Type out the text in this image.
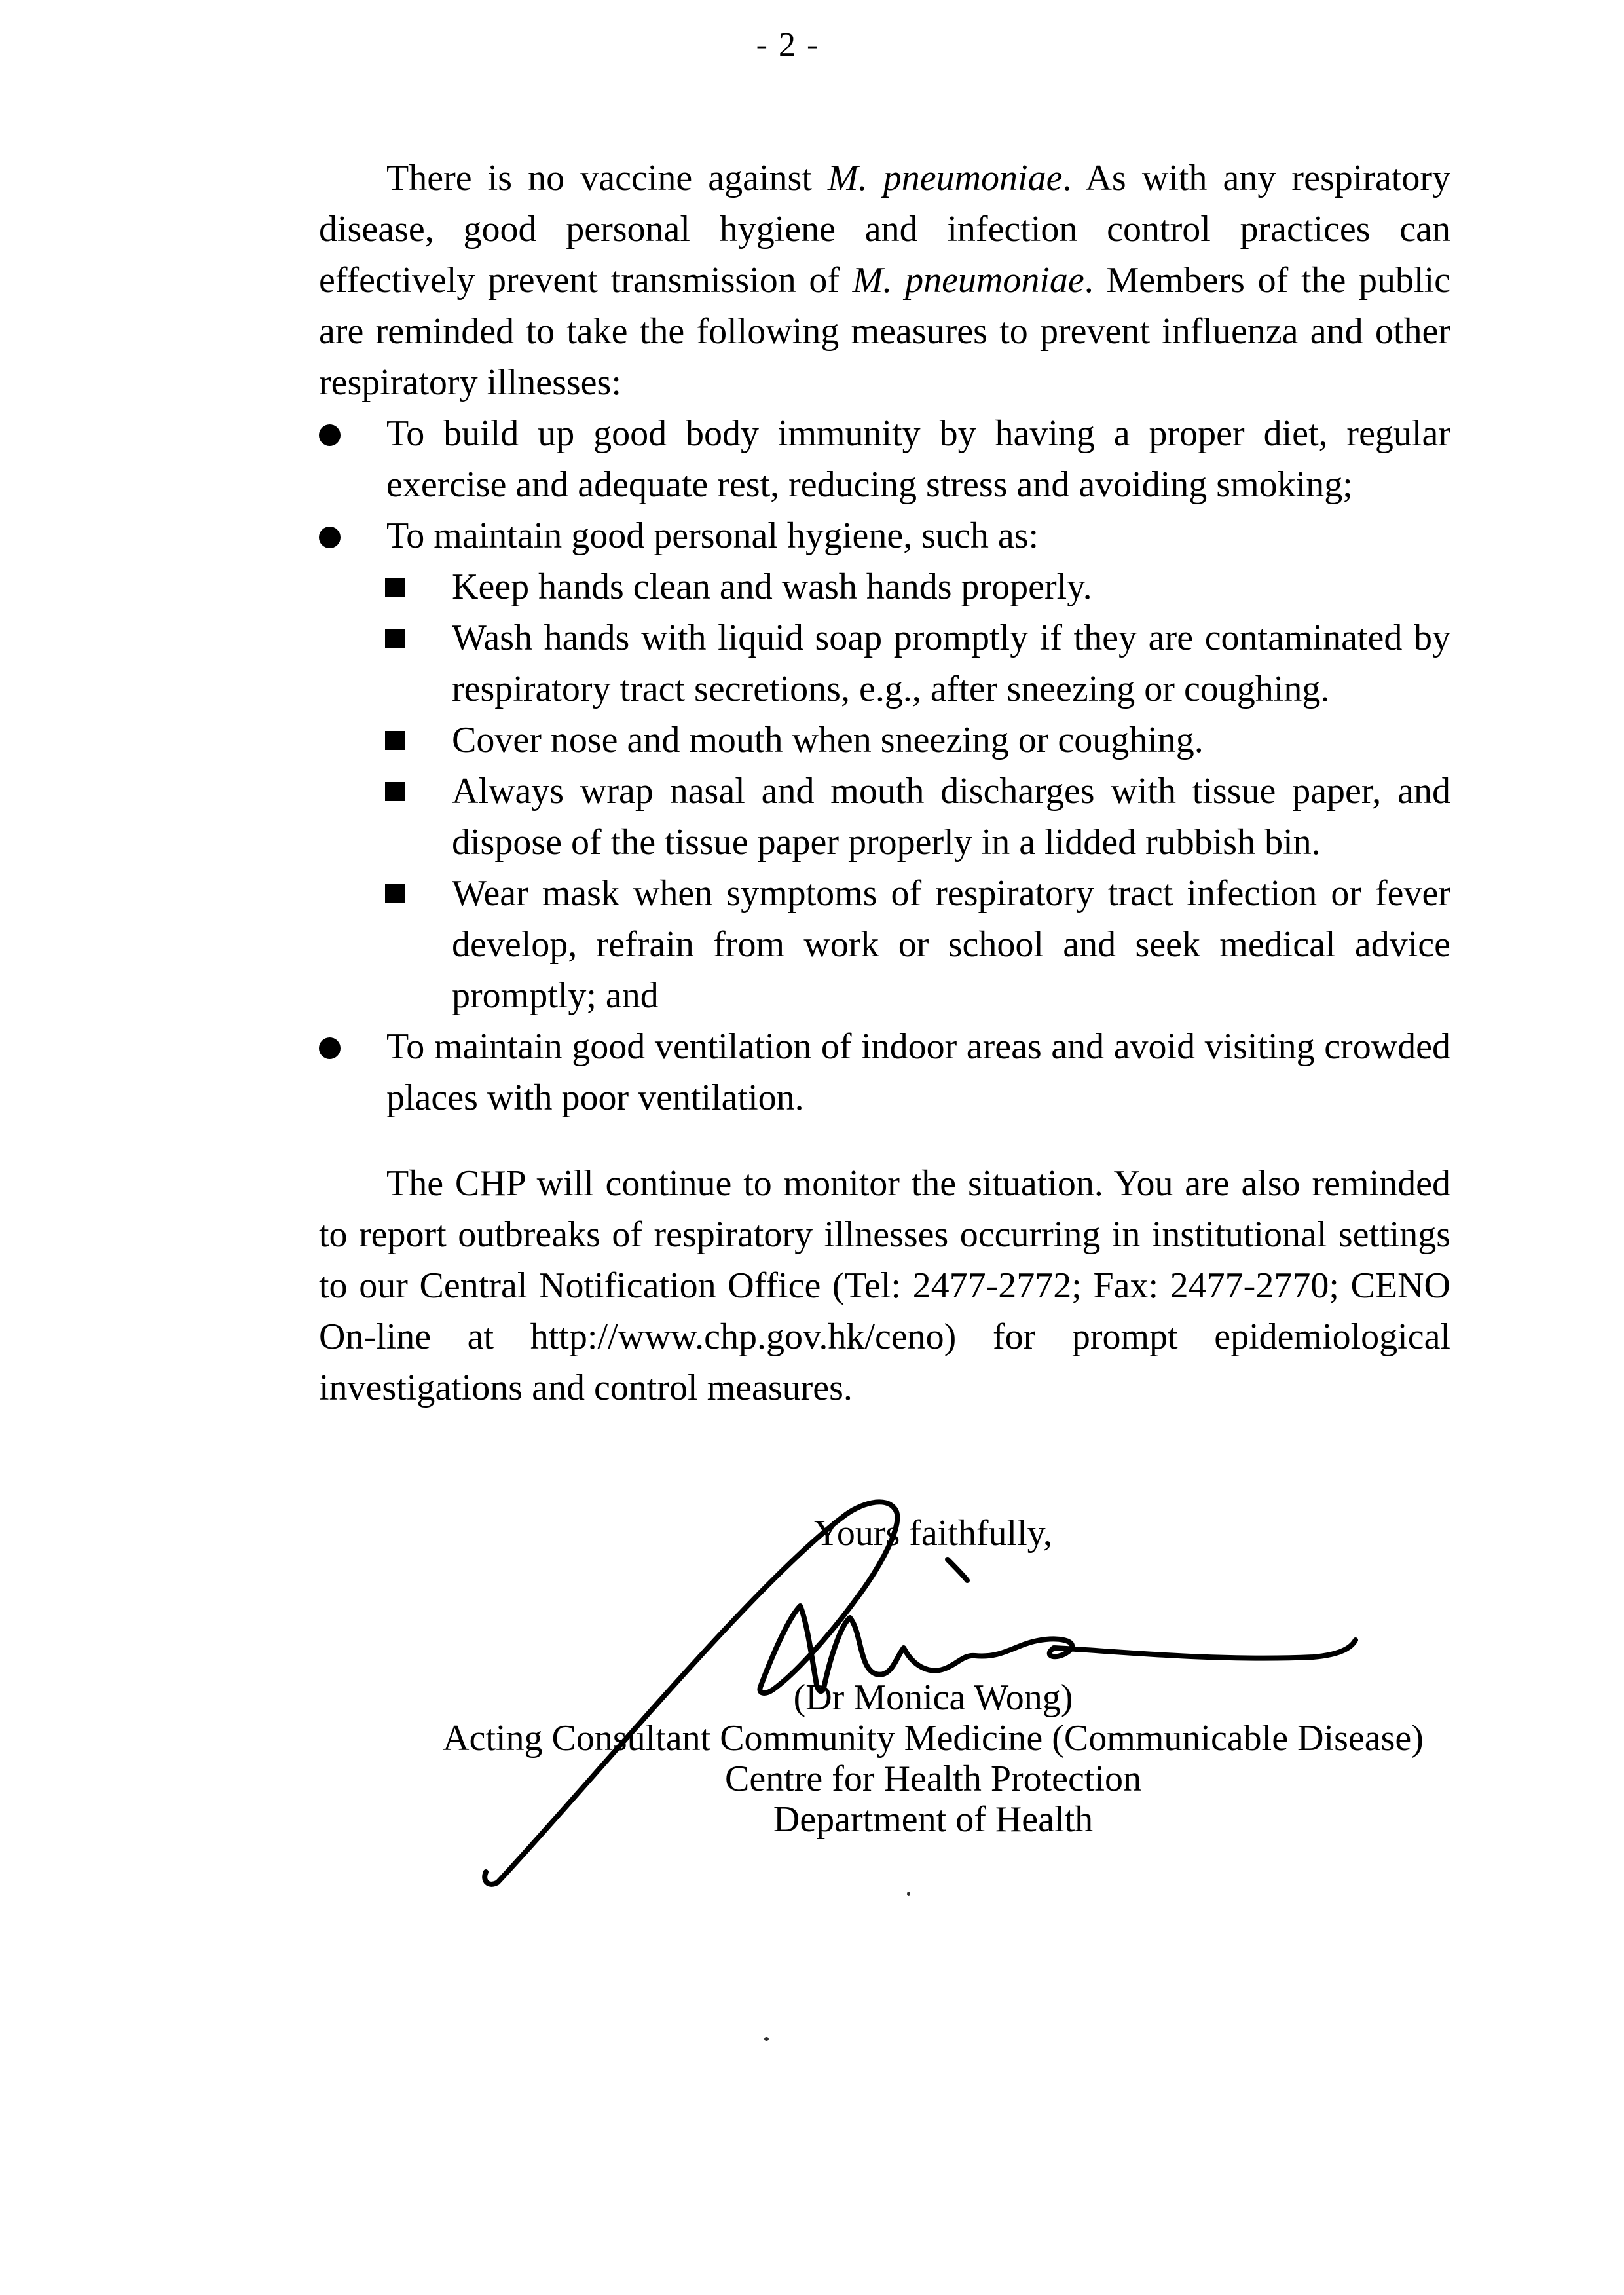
- 2 -

There is no vaccine against M. pneumoniae. As with any respiratory disease, good personal hygiene and infection control practices can effectively prevent transmission of M. pneumoniae. Members of the public are reminded to take the following measures to prevent influenza and other respiratory illnesses:

To build up good body immunity by having a proper diet, regular exercise and adequate rest, reducing stress and avoiding smoking;
To maintain good personal hygiene, such as:
Keep hands clean and wash hands properly.
Wash hands with liquid soap promptly if they are contaminated by respiratory tract secretions, e.g., after sneezing or coughing.
Cover nose and mouth when sneezing or coughing.
Always wrap nasal and mouth discharges with tissue paper, and dispose of the tissue paper properly in a lidded rubbish bin.
Wear mask when symptoms of respiratory tract infection or fever develop, refrain from work or school and seek medical advice promptly; and
To maintain good ventilation of indoor areas and avoid visiting crowded places with poor ventilation.

The CHP will continue to monitor the situation. You are also reminded to report outbreaks of respiratory illnesses occurring in institutional settings to our Central Notification Office (Tel: 2477-2772; Fax: 2477-2770; CENO On-line at http://www.chp.gov.hk/ceno) for prompt epidemiological investigations and control measures.

Yours faithfully,
(Dr Monica Wong)
Acting Consultant Community Medicine (Communicable Disease)
Centre for Health Protection
Department of Health
